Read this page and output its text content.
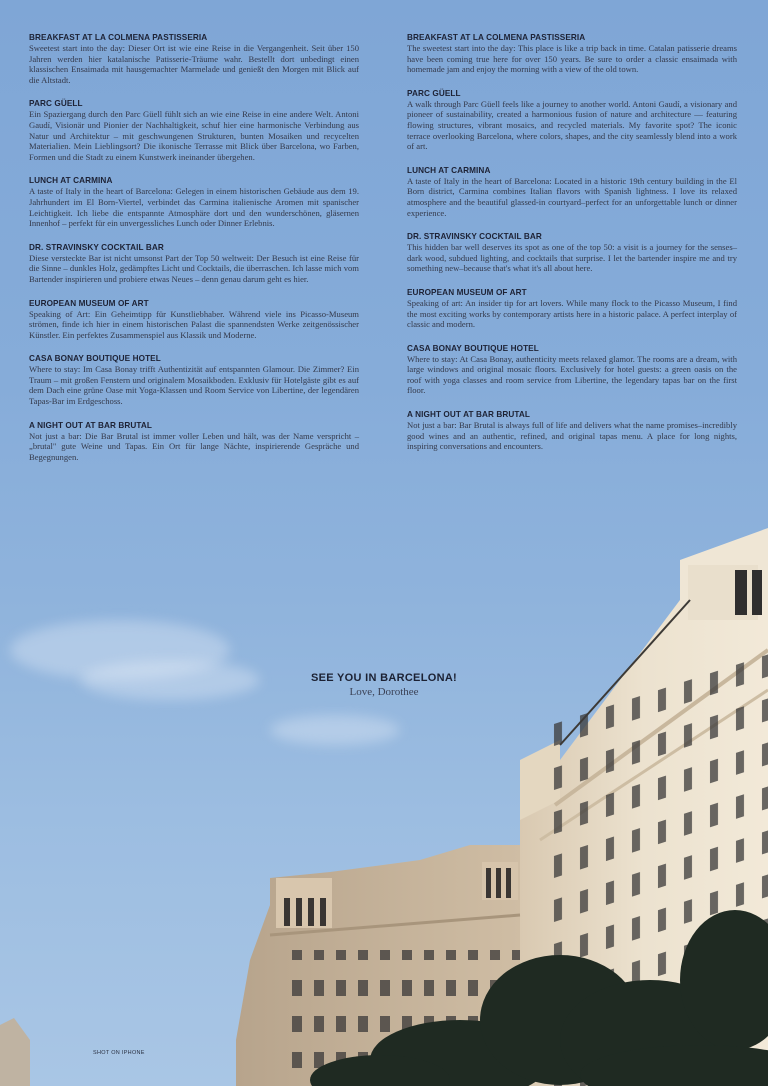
BREAKFAST AT LA COLMENA PASTISSERIA

Sweetest start into the day: Dieser Ort ist wie eine Reise in die Vergangenheit. Seit über 150 Jahren werden hier katalanische Patisserie-Träume wahr. Bestellt dort unbedingt einen klassischen Ensaimada mit hausgemachter Marmelade und genießt den Morgen mit Blick auf die Altstadt.

PARC GÜELL

Ein Spaziergang durch den Parc Güell fühlt sich an wie eine Reise in eine andere Welt. Antoni Gaudí, Visionär und Pionier der Nachhaltigkeit, schuf hier eine harmonische Verbindung aus Natur und Architektur – mit geschwungenen Strukturen, bunten Mosaiken und recycelten Materialien. Mein Lieblingsort? Die ikonische Terrasse mit Blick über Barcelona, wo Farben, Formen und die Stadt zu einem Kunstwerk ineinander übergehen.

LUNCH AT CARMINA

A taste of Italy in the heart of Barcelona: Gelegen in einem historischen Gebäude aus dem 19. Jahrhundert im El Born-Viertel, verbindet das Carmina italienische Aromen mit spanischer Leichtigkeit. Ich liebe die entspannte Atmosphäre dort und den wunderschönen, gläsernen Innenhof – perfekt für ein unvergessliches Lunch oder Dinner Erlebnis.

DR. STRAVINSKY COCKTAIL BAR

Diese versteckte Bar ist nicht umsonst Part der Top 50 weltweit: Der Besuch ist eine Reise für die Sinne – dunkles Holz, gedämpftes Licht und Cocktails, die überraschen. Ich lasse mich vom Bartender inspirieren und probiere etwas Neues – denn genau darum geht es hier.

EUROPEAN MUSEUM OF ART

Speaking of Art: Ein Geheimtipp für Kunstliebhaber. Während viele ins Picasso-Museum strömen, finde ich hier in einem historischen Palast die spannendsten Werke zeitgenössischer Künstler. Ein perfektes Zusammenspiel aus Klassik und Moderne.

CASA BONAY BOUTIQUE HOTEL

Where to stay: Im Casa Bonay trifft Authentizität auf entspannten Glamour. Die Zimmer? Ein Traum – mit großen Fenstern und originalem Mosaikboden. Exklusiv für Hotelgäste gibt es auf dem Dach eine grüne Oase mit Yoga-Klassen und Room Service von Libertine, der legendären Tapas-Bar im Erdgeschoss.

A NIGHT OUT AT BAR BRUTAL

Not just a bar: Die Bar Brutal ist immer voller Leben und hält, was der Name verspricht – „brutal" gute Weine und Tapas. Ein Ort für lange Nächte, inspirierende Gespräche und Begegnungen.

BREAKFAST AT LA COLMENA PASTISSERIA

The sweetest start into the day: This place is like a trip back in time. Catalan patisserie dreams have been coming true here for over 150 years. Be sure to order a classic ensaimada with homemade jam and enjoy the morning with a view of the old town.

PARC GÜELL

A walk through Parc Güell feels like a journey to another world. Antoni Gaudí, a visionary and pioneer of sustainability, created a harmonious fusion of nature and architecture — featuring flowing structures, vibrant mosaics, and recycled materials. My favorite spot? The iconic terrace overlooking Barcelona, where colors, shapes, and the city seamlessly blend into a work of art.

LUNCH AT CARMINA

A taste of Italy in the heart of Barcelona: Located in a historic 19th century building in the El Born district, Carmina combines Italian flavors with Spanish lightness. I love its relaxed atmosphere and the beautiful glassed-in courtyard–perfect for an unforgettable lunch or dinner experience.

DR. STRAVINSKY COCKTAIL BAR

This hidden bar well deserves its spot as one of the top 50: a visit is a journey for the senses–dark wood, subdued lighting, and cocktails that surprise. I let the bartender inspire me and try something new–because that's what it's all about here.

EUROPEAN MUSEUM OF ART

Speaking of art: An insider tip for art lovers. While many flock to the Picasso Museum, I find the most exciting works by contemporary artists here in a historic palace. A perfect interplay of classic and modern.

CASA BONAY BOUTIQUE HOTEL

Where to stay: At Casa Bonay, authenticity meets relaxed glamor. The rooms are a dream, with large windows and original mosaic floors. Exclusively for hotel guests: a green oasis on the roof with yoga classes and room service from Libertine, the legendary tapas bar on the first floor.

A NIGHT OUT AT BAR BRUTAL

Not just a bar: Bar Brutal is always full of life and delivers what the name promises–incredibly good wines and an authentic, refined, and original tapas menu. A place for long nights, inspiring conversations and encounters.

SEE YOU IN BARCELONA!
Love, Dorothee
SHOT ON IPHONE
